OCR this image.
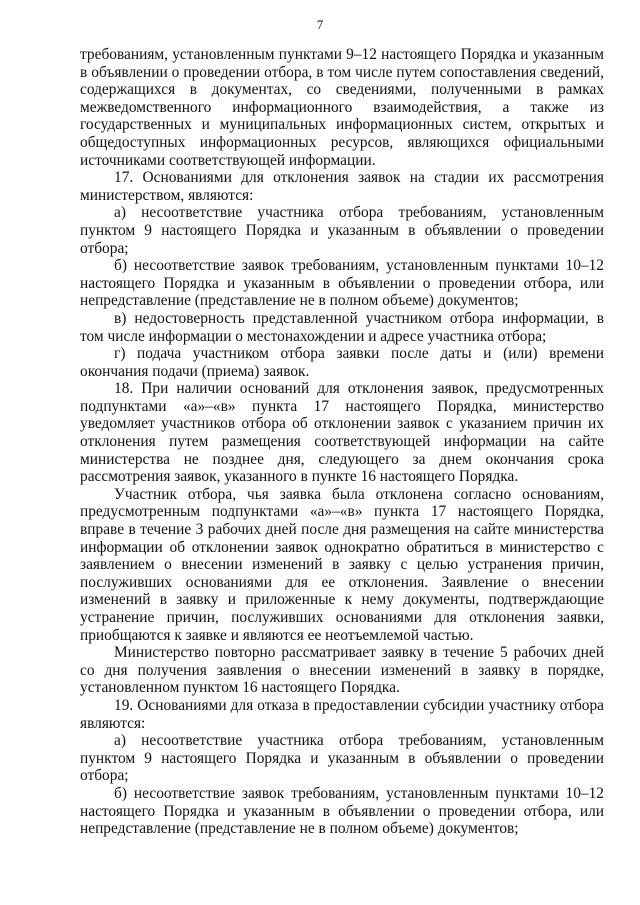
7

требованиям, установленным пунктами 9–12 настоящего Порядка и указанным в объявлении о проведении отбора, в том числе путем сопоставления сведений, содержащихся в документах, со сведениями, полученными в рамках межведомственного информационного взаимодействия, а также из государственных и муниципальных информационных систем, открытых и общедоступных информационных ресурсов, являющихся официальными источниками соответствующей информации.

17. Основаниями для отклонения заявок на стадии их рассмотрения министерством, являются:

а) несоответствие участника отбора требованиям, установленным пунктом 9 настоящего Порядка и указанным в объявлении о проведении отбора;

б) несоответствие заявок требованиям, установленным пунктами 10–12 настоящего Порядка и указанным в объявлении о проведении отбора, или непредставление (представление не в полном объеме) документов;

в) недостоверность представленной участником отбора информации, в том числе информации о местонахождении и адресе участника отбора;

г) подача участником отбора заявки после даты и (или) времени окончания подачи (приема) заявок.

18. При наличии оснований для отклонения заявок, предусмотренных подпунктами «а»–«в» пункта 17 настоящего Порядка, министерство уведомляет участников отбора об отклонении заявок с указанием причин их отклонения путем размещения соответствующей информации на сайте министерства не позднее дня, следующего за днем окончания срока рассмотрения заявок, указанного в пункте 16 настоящего Порядка.

Участник отбора, чья заявка была отклонена согласно основаниям, предусмотренным подпунктами «а»–«в» пункта 17 настоящего Порядка, вправе в течение 3 рабочих дней после дня размещения на сайте министерства информации об отклонении заявок однократно обратиться в министерство с заявлением о внесении изменений в заявку с целью устранения причин, послуживших основаниями для ее отклонения. Заявление о внесении изменений в заявку и приложенные к нему документы, подтверждающие устранение причин, послуживших основаниями для отклонения заявки, приобщаются к заявке и являются ее неотъемлемой частью.

Министерство повторно рассматривает заявку в течение 5 рабочих дней со дня получения заявления о внесении изменений в заявку в порядке, установленном пунктом 16 настоящего Порядка.

19. Основаниями для отказа в предоставлении субсидии участнику отбора являются:

а) несоответствие участника отбора требованиям, установленным пунктом 9 настоящего Порядка и указанным в объявлении о проведении отбора;

б) несоответствие заявок требованиям, установленным пунктами 10–12 настоящего Порядка и указанным в объявлении о проведении отбора, или непредставление (представление не в полном объеме) документов;
